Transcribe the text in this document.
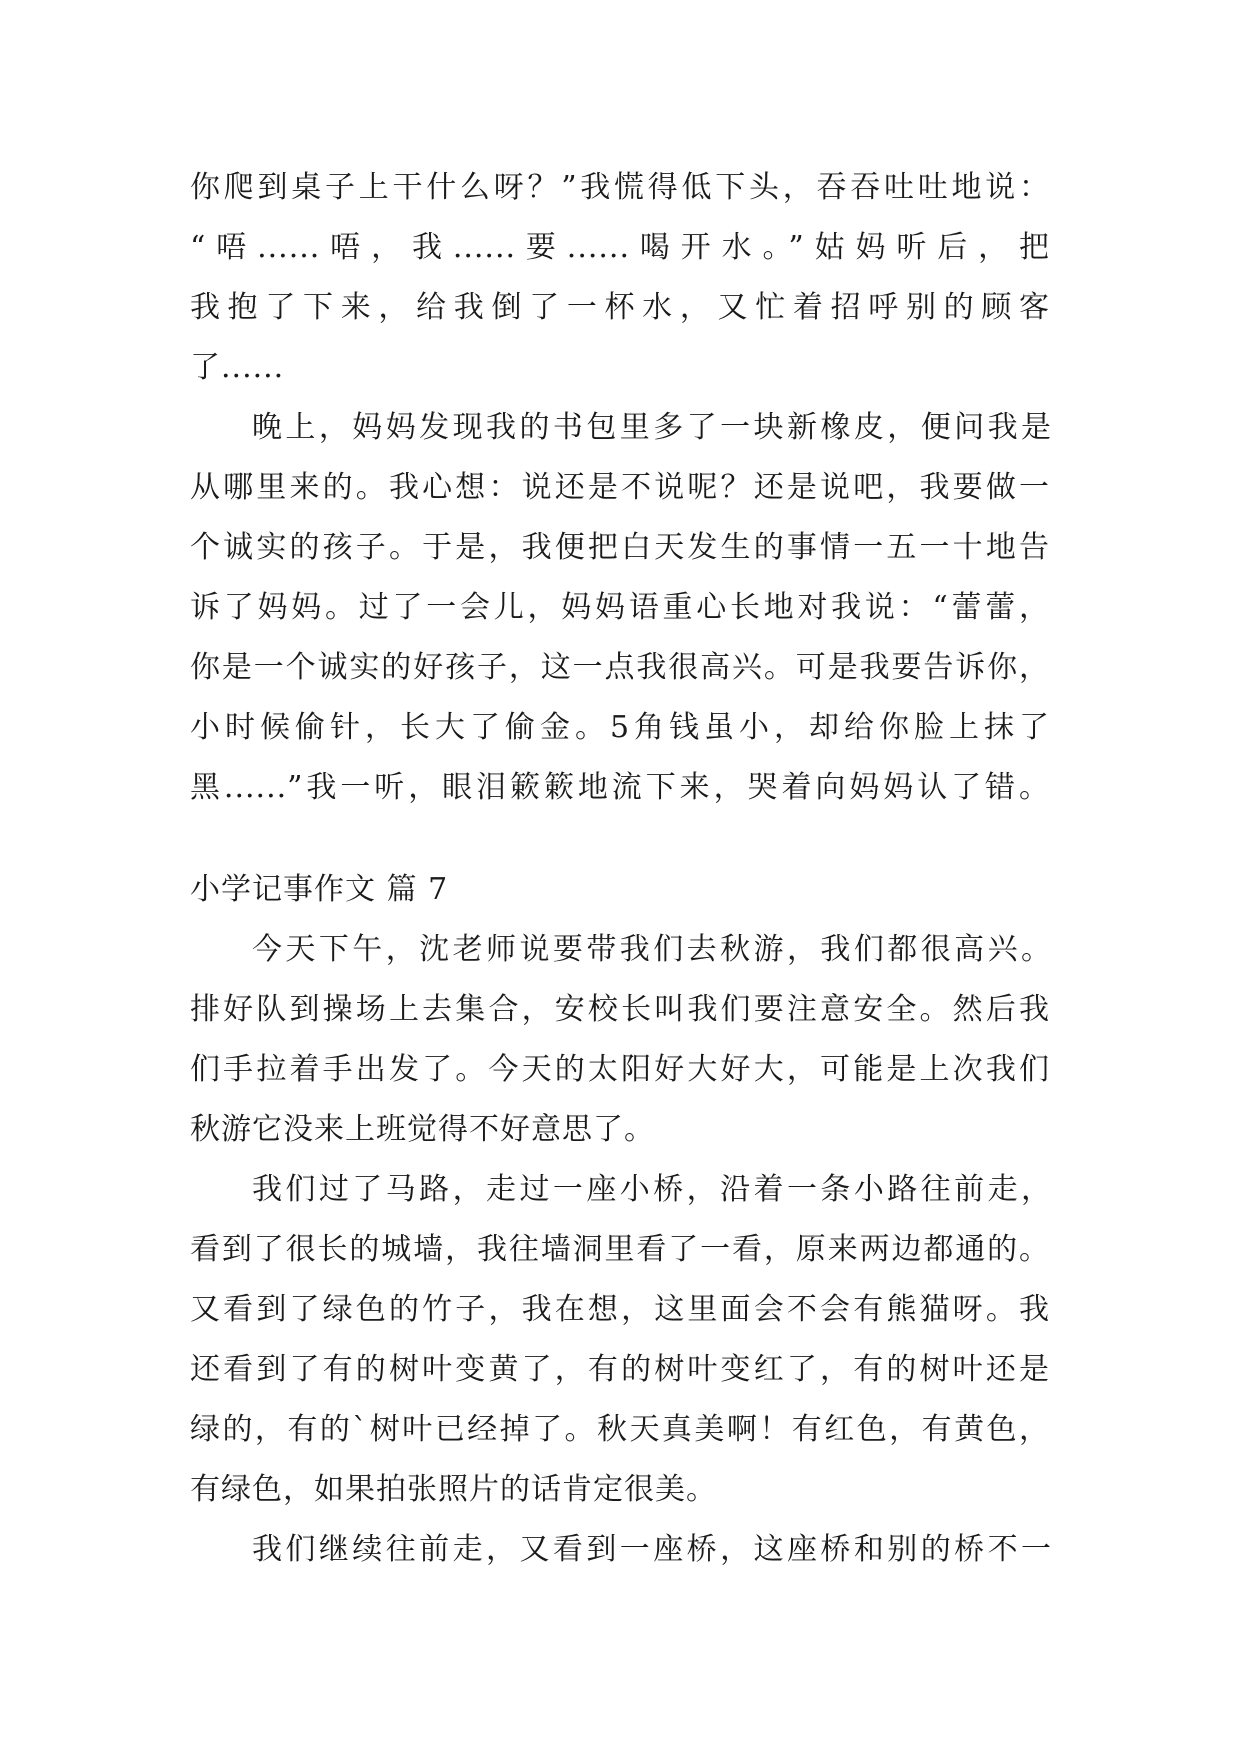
你爬到桌子上干什么呀？”我慌得低下头，吞吞吐吐地说：
“唔......唔，我......要......喝开水。”姑妈听后，把
我抱了下来，给我倒了一杯水，又忙着招呼别的顾客
了......
晚上，妈妈发现我的书包里多了一块新橡皮，便问我是
从哪里来的。我心想：说还是不说呢？还是说吧，我要做一
个诚实的孩子。于是，我便把白天发生的事情一五一十地告
诉了妈妈。过了一会儿，妈妈语重心长地对我说：“蕾蕾，
你是一个诚实的好孩子，这一点我很高兴。可是我要告诉你，
小时候偷针，长大了偷金。5角钱虽小，却给你脸上抹了
黑......”我一听，眼泪簌簌地流下来，哭着向妈妈认了错。
小学记事作文 篇 7
今天下午，沈老师说要带我们去秋游，我们都很高兴。
排好队到操场上去集合，安校长叫我们要注意安全。然后我
们手拉着手出发了。今天的太阳好大好大，可能是上次我们
秋游它没来上班觉得不好意思了。
我们过了马路，走过一座小桥，沿着一条小路往前走，
看到了很长的城墙，我往墙洞里看了一看，原来两边都通的。
又看到了绿色的竹子，我在想，这里面会不会有熊猫呀。我
还看到了有的树叶变黄了，有的树叶变红了，有的树叶还是
绿的，有的`树叶已经掉了。秋天真美啊！有红色，有黄色，
有绿色，如果拍张照片的话肯定很美。
我们继续往前走，又看到一座桥，这座桥和别的桥不一
